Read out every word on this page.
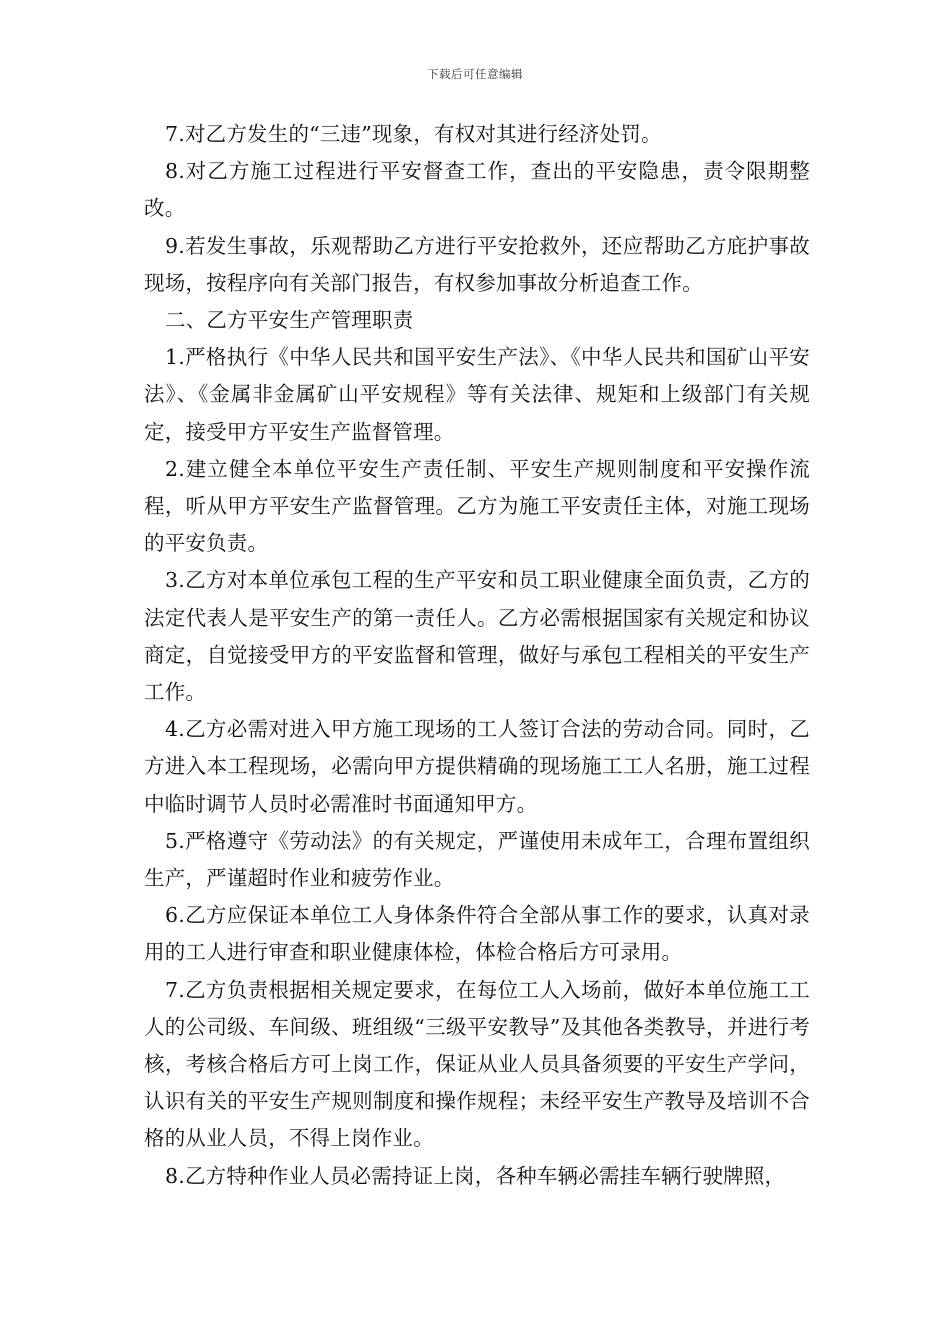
下载后可任意编辑

7.对乙方发生的“三违”现象，有权对其进行经济处罚。

8.对乙方施工过程进行平安督查工作，查出的平安隐患，责令限期整改。

9.若发生事故，乐观帮助乙方进行平安抢救外，还应帮助乙方庇护事故现场，按程序向有关部门报告，有权参加事故分析追查工作。

二、乙方平安生产管理职责

1.严格执行《中华人民共和国平安生产法》、《中华人民共和国矿山平安法》、《金属非金属矿山平安规程》等有关法律、规矩和上级部门有关规定，接受甲方平安生产监督管理。

2.建立健全本单位平安生产责任制、平安生产规则制度和平安操作流程，听从甲方平安生产监督管理。乙方为施工平安责任主体，对施工现场的平安负责。

3.乙方对本单位承包工程的生产平安和员工职业健康全面负责，乙方的法定代表人是平安生产的第一责任人。乙方必需根据国家有关规定和协议商定，自觉接受甲方的平安监督和管理，做好与承包工程相关的平安生产工作。

4.乙方必需对进入甲方施工现场的工人签订合法的劳动合同。同时，乙方进入本工程现场，必需向甲方提供精确的现场施工工人名册，施工过程中临时调节人员时必需准时书面通知甲方。

5.严格遵守《劳动法》的有关规定，严谨使用未成年工，合理布置组织生产，严谨超时作业和疲劳作业。

6.乙方应保证本单位工人身体条件符合全部从事工作的要求，认真对录用的工人进行审查和职业健康体检，体检合格后方可录用。

7.乙方负责根据相关规定要求，在每位工人入场前，做好本单位施工工人的公司级、车间级、班组级“三级平安教导”及其他各类教导，并进行考核，考核合格后方可上岗工作，保证从业人员具备须要的平安生产学问，认识有关的平安生产规则制度和操作规程；未经平安生产教导及培训不合格的从业人员，不得上岗作业。

8.乙方特种作业人员必需持证上岗，各种车辆必需挂车辆行驶牌照，
